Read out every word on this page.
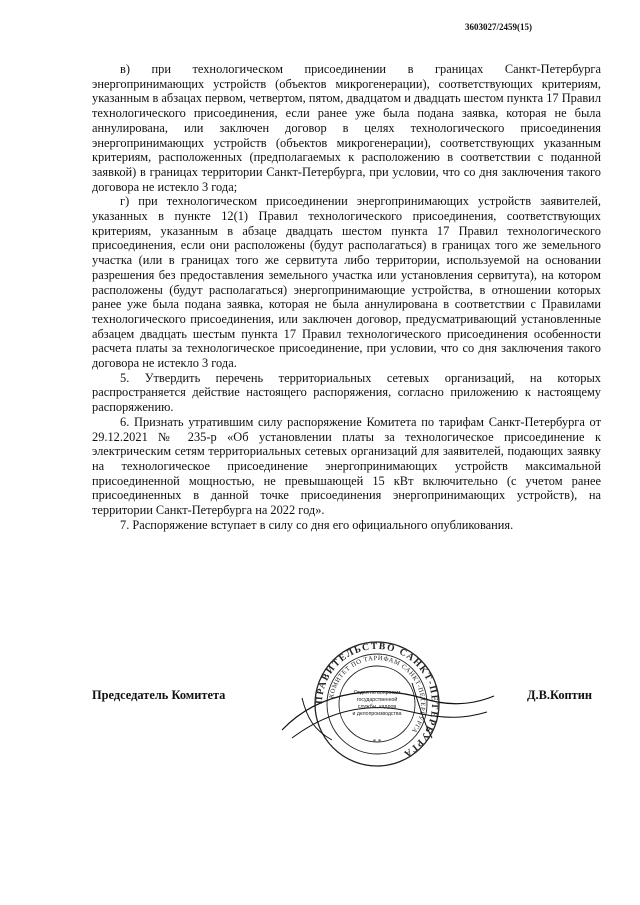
3603027/2459(15)

в) при технологическом присоединении в границах Санкт-Петербурга энергопринимающих устройств (объектов микрогенерации), соответствующих критериям, указанным в абзацах первом, четвертом, пятом, двадцатом и двадцать шестом пункта 17 Правил технологического присоединения, если ранее уже была подана заявка, которая не была аннулирована, или заключен договор в целях технологического присоединения энергопринимающих устройств (объектов микрогенерации), соответствующих указанным критериям, расположенных (предполагаемых к расположению в соответствии с поданной заявкой) в границах территории Санкт-Петербурга, при условии, что со дня заключения такого договора не истекло 3 года;

г) при технологическом присоединении энергопринимающих устройств заявителей, указанных в пункте 12(1) Правил технологического присоединения, соответствующих критериям, указанным в абзаце двадцать шестом пункта 17 Правил технологического присоединения, если они расположены (будут располагаться) в границах того же земельного участка (или в границах того же сервитута либо территории, используемой на основании разрешения без предоставления земельного участка или установления сервитута), на котором расположены (будут располагаться) энергопринимающие устройства, в отношении которых ранее уже была подана заявка, которая не была аннулирована в соответствии с Правилами технологического присоединения, или заключен договор, предусматривающий установленные абзацем двадцать шестым пункта 17 Правил технологического присоединения особенности расчета платы за технологическое присоединение, при условии, что со дня заключения такого договора не истекло 3 года.

5. Утвердить перечень территориальных сетевых организаций, на которых распространяется действие настоящего распоряжения, согласно приложению к настоящему распоряжению.

6. Признать утратившим силу распоряжение Комитета по тарифам Санкт-Петербурга от 29.12.2021 № 235-р «Об установлении платы за технологическое присоединение к электрическим сетям территориальных сетевых организаций для заявителей, подающих заявку на технологическое присоединение энергопринимающих устройств максимальной присоединенной мощностью, не превышающей 15 кВт включительно (с учетом ранее присоединенных в данной точке присоединения энергопринимающих устройств), на территории Санкт-Петербурга на 2022 год».

7. Распоряжение вступает в силу со дня его официального опубликования.

Председатель Комитета	Д.В.Коптин
ПРАВИТЕЛЬСТВО САНКТ-ПЕТЕРБУРГА
КОМИТЕТ ПО ТАРИФАМ САНКТ-ПЕТЕРБУРГА
Отдел по вопросам
государственной
службы, кадров
и делопроизводства
* *
